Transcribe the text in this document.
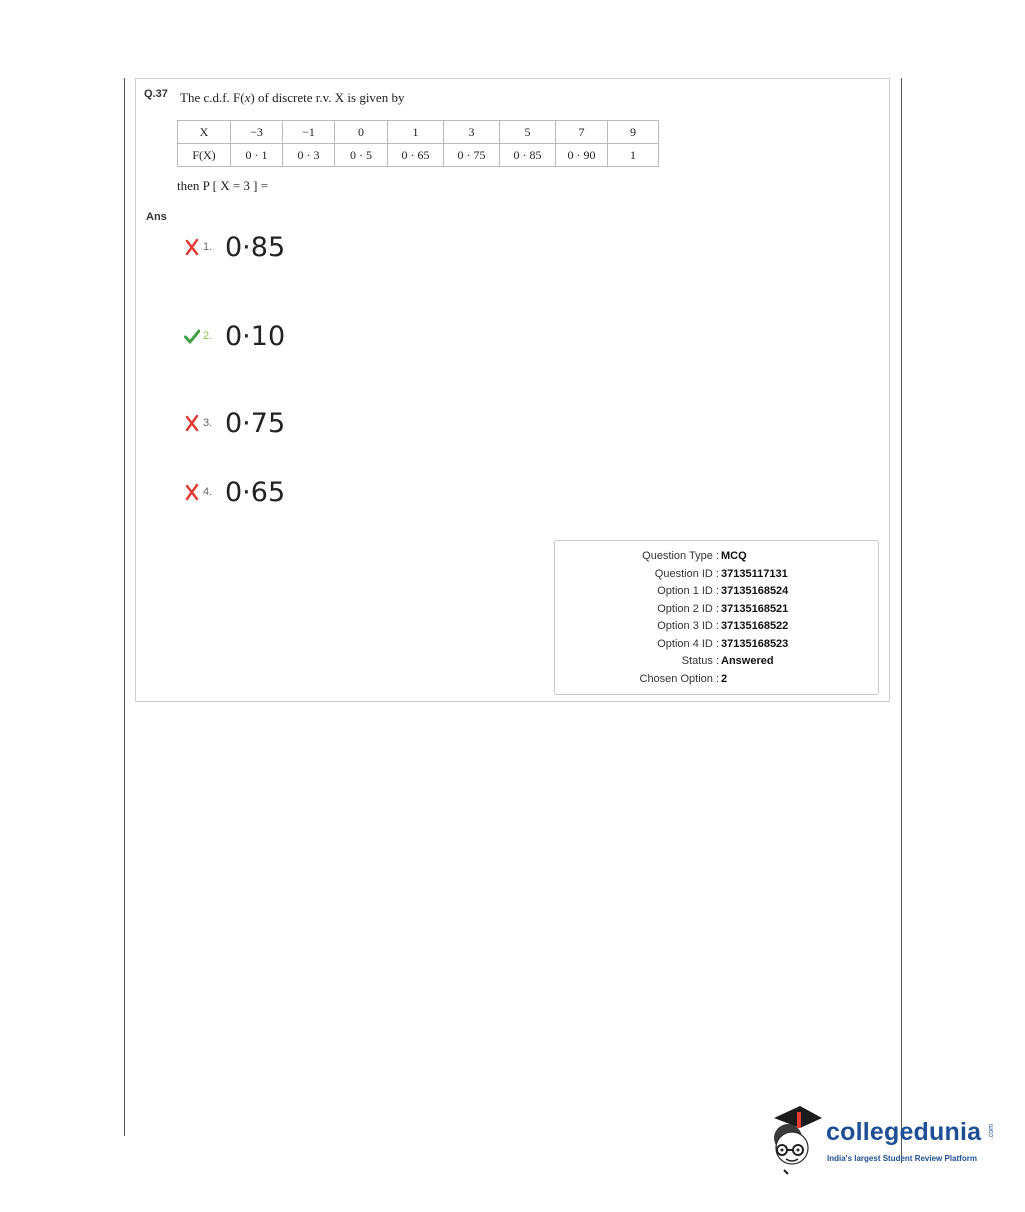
Q.37 The c.d.f. F(x) of discrete r.v. X is given by
X	−3	−1	0	1	3	5	7	9
F(X)	0 · 1	0 · 3	0 · 5	0 · 65	0 · 75	0 · 85	0 · 90	1
then P [ X = 3 ] =
Ans
1. 0·85
2. 0·10
3. 0·75
4. 0·65
Question Type : MCQ
Question ID : 37135117131
Option 1 ID : 37135168524
Option 2 ID : 37135168521
Option 3 ID : 37135168522
Option 4 ID : 37135168523
Status : Answered
Chosen Option : 2
collegedunia .com
India's largest Student Review Platform
